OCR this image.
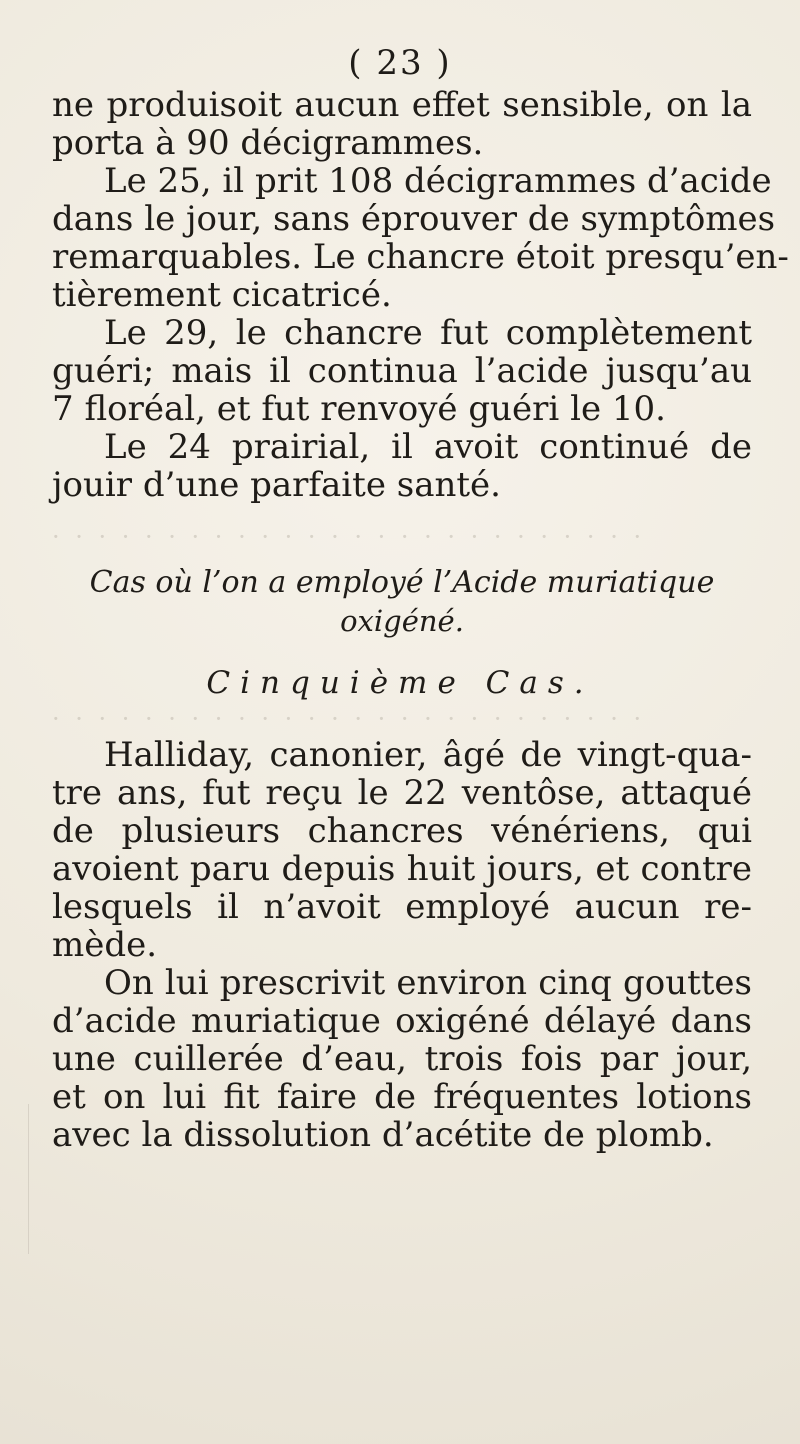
( 23 )
ne produisoit aucun effet sensible, on la
porta à 90 décigrammes.
Le 25, il prit 108 décigrammes d’acide
dans le jour, sans éprouver de symptômes
remarquables. Le chancre étoit presqu’en-
tièrement cicatricé.
Le 29, le chancre fut complètement
guéri; mais il continua l’acide jusqu’au
7 floréal, et fut renvoyé guéri le 10.
Le 24 prairial, il avoit continué de
jouir d’une parfaite santé.
· · · · · · · · · · · · · · · · · · · · · · · · · ·
Cas où l’on a employé l’Acide muriatique
oxigéné.
Cinquième Cas.
· · · · · · · · · · · · · · · · · · · · · · · · · ·
Halliday, canonier, âgé de vingt-qua-
tre ans, fut reçu le 22 ventôse, attaqué
de plusieurs chancres vénériens, qui
avoient paru depuis huit jours, et contre
lesquels il n’avoit employé aucun re-
mède.
On lui prescrivit environ cinq gouttes
d’acide muriatique oxigéné délayé dans
une cuillerée d’eau, trois fois par jour,
et on lui fit faire de fréquentes lotions
avec la dissolution d’acétite de plomb.
